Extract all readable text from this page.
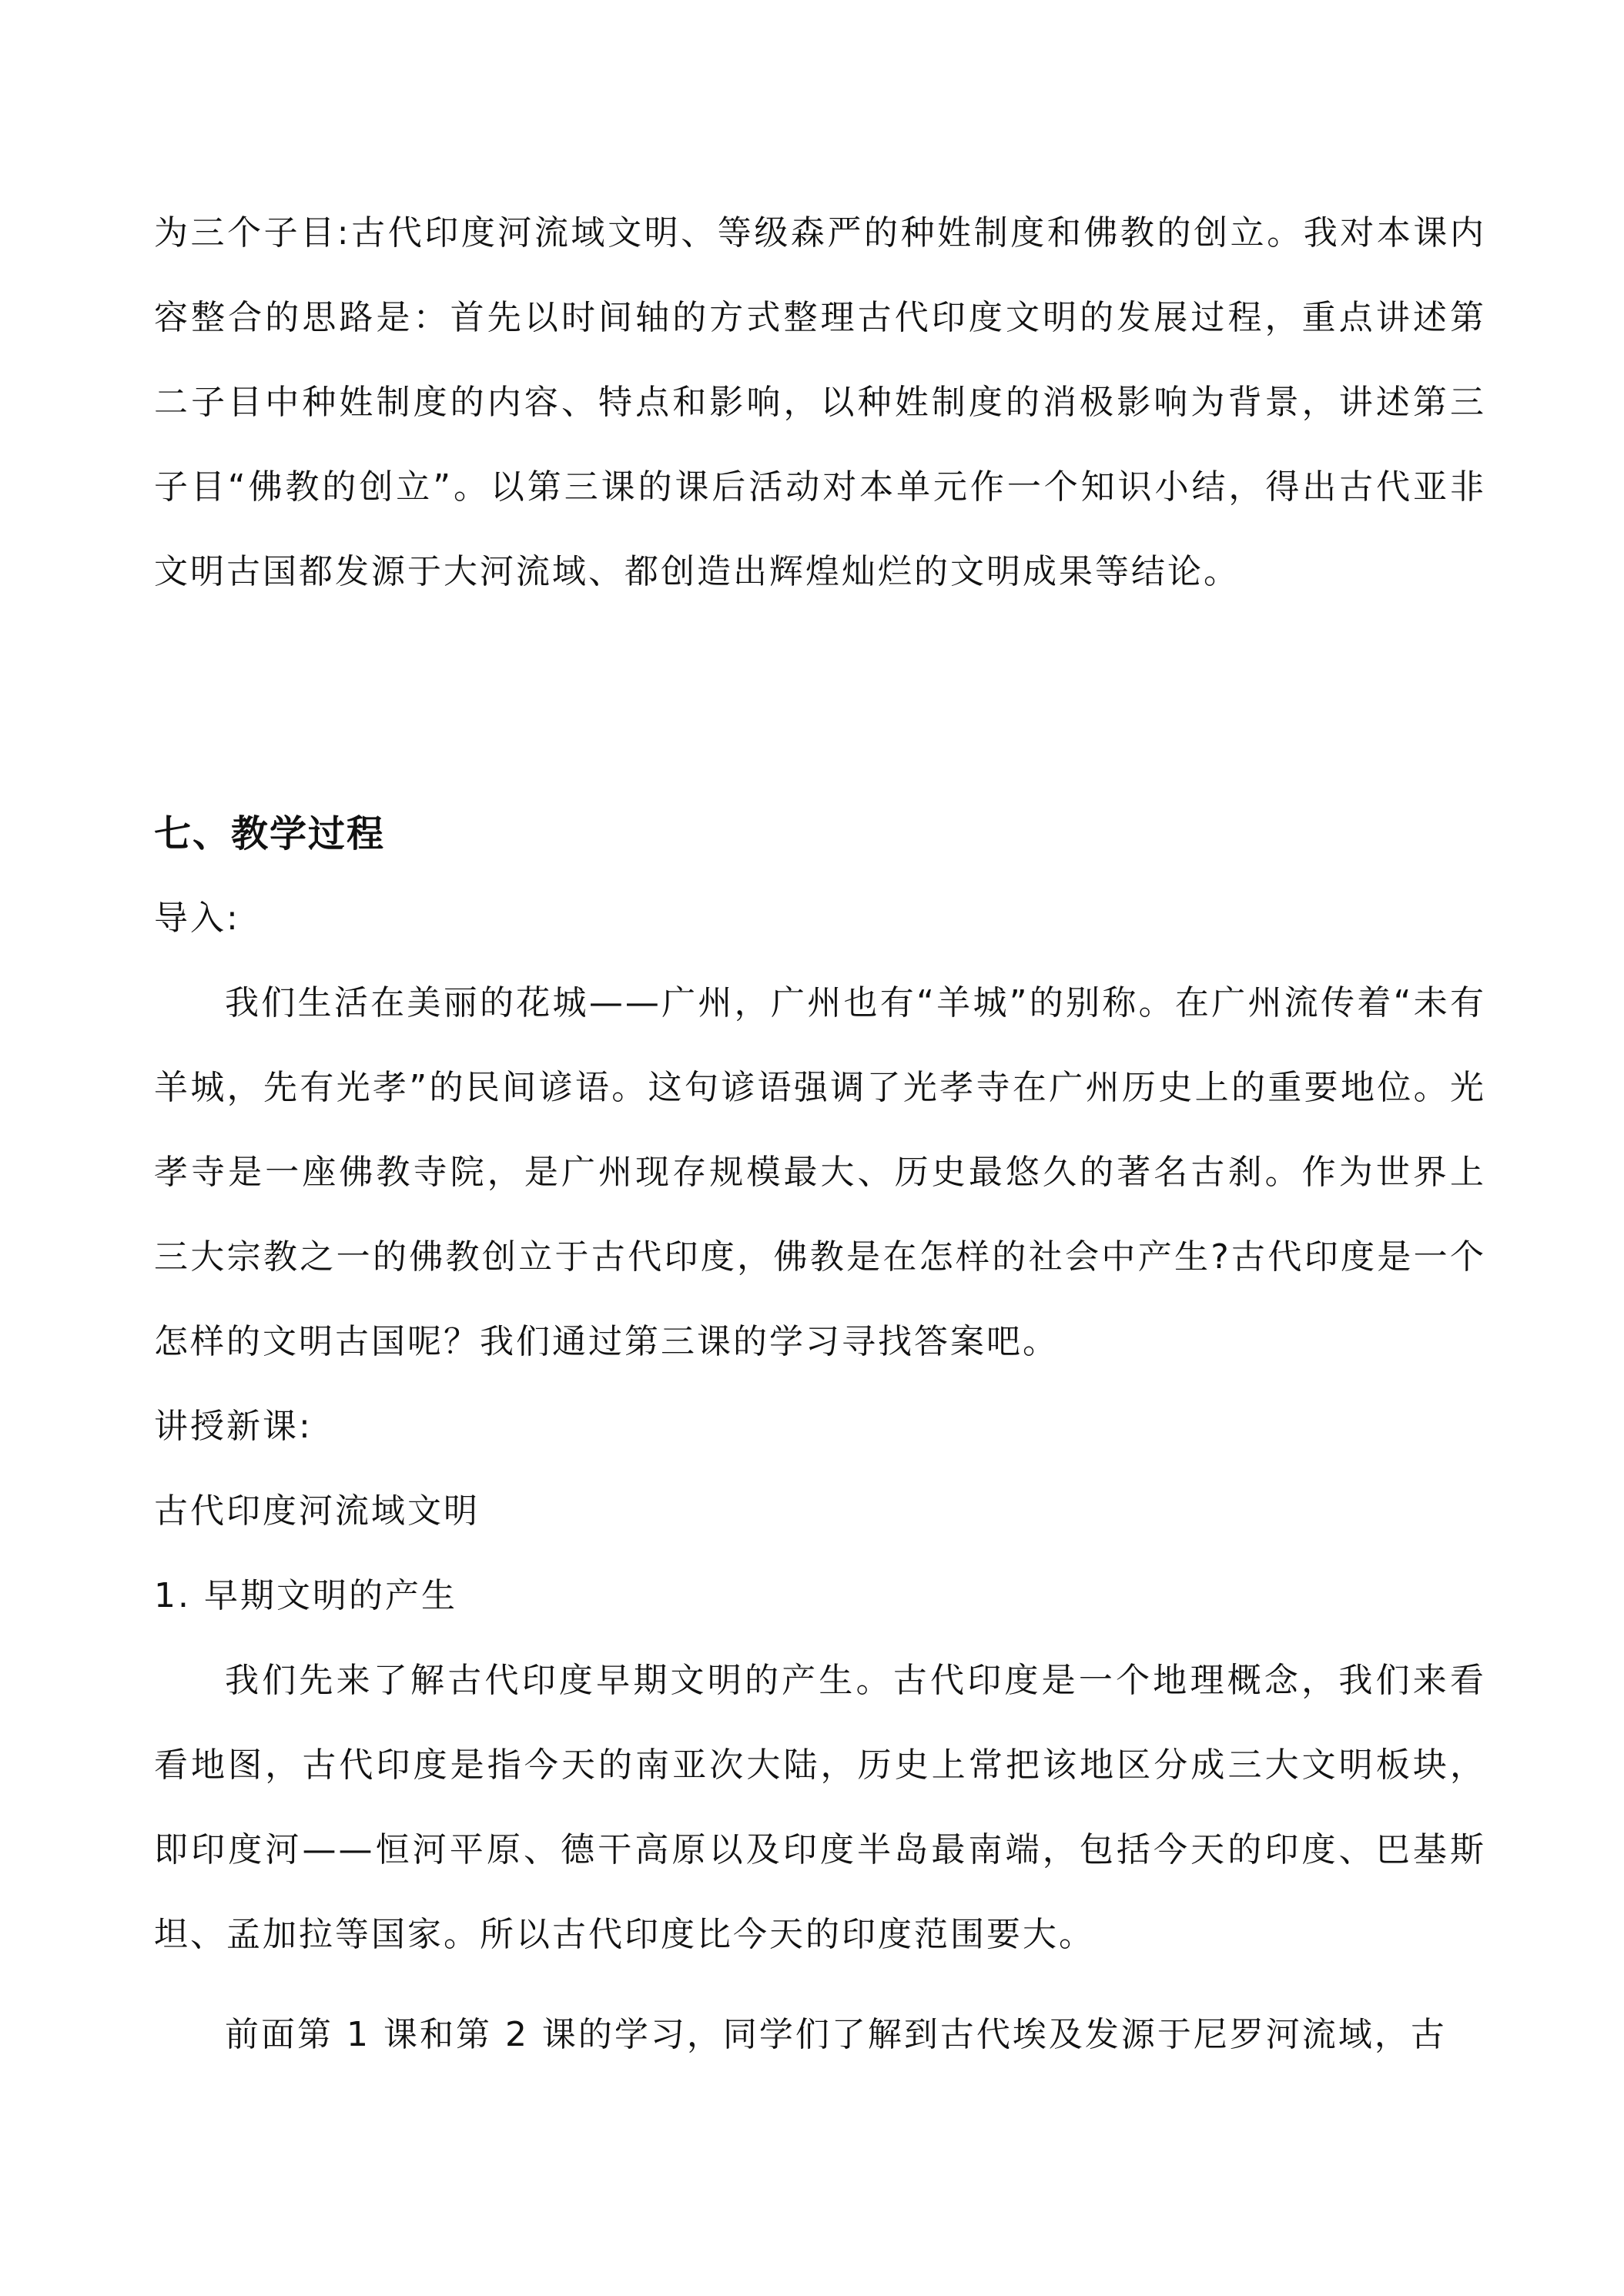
为三个子目:古代印度河流域文明、等级森严的种姓制度和佛教的创立。我对本课内容整合的思路是：首先以时间轴的方式整理古代印度文明的发展过程，重点讲述第二子目中种姓制度的内容、特点和影响，以种姓制度的消极影响为背景，讲述第三子目“佛教的创立”。以第三课的课后活动对本单元作一个知识小结，得出古代亚非文明古国都发源于大河流域、都创造出辉煌灿烂的文明成果等结论。

七、教学过程

导入:

我们生活在美丽的花城——广州，广州也有“羊城”的别称。在广州流传着“未有羊城，先有光孝”的民间谚语。这句谚语强调了光孝寺在广州历史上的重要地位。光孝寺是一座佛教寺院，是广州现存规模最大、历史最悠久的著名古刹。作为世界上三大宗教之一的佛教创立于古代印度，佛教是在怎样的社会中产生?古代印度是一个怎样的文明古国呢？我们通过第三课的学习寻找答案吧。

讲授新课:

古代印度河流域文明

1. 早期文明的产生

我们先来了解古代印度早期文明的产生。古代印度是一个地理概念，我们来看看地图，古代印度是指今天的南亚次大陆，历史上常把该地区分成三大文明板块，即印度河——恒河平原、德干高原以及印度半岛最南端，包括今天的印度、巴基斯坦、孟加拉等国家。所以古代印度比今天的印度范围要大。

前面第 1 课和第 2 课的学习，同学们了解到古代埃及发源于尼罗河流域，古
